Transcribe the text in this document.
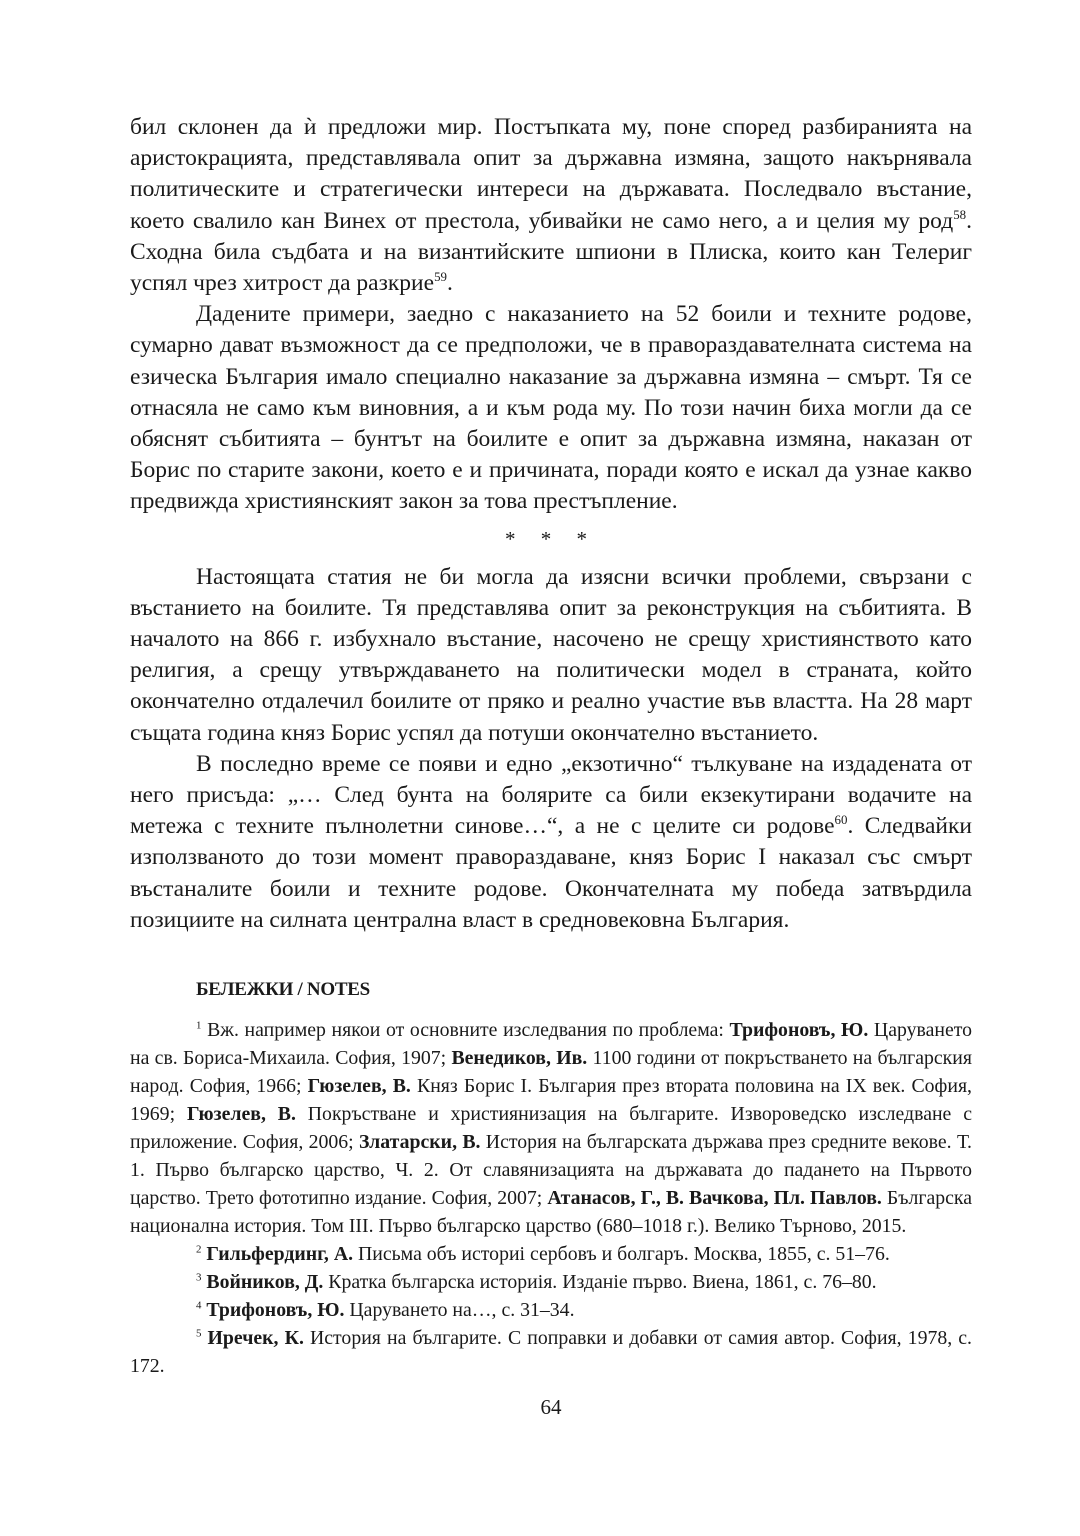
бил склонен да ѝ предложи мир. Постъпката му, поне според разбиранията на аристокрацията, представлявала опит за държавна измяна, защото накърнявала политическите и стратегически интереси на държавата. Последвало въстание, което свалило кан Винех от престола, убивайки не само него, а и целия му род$^{58}$. Сходна била съдбата и на византийските шпиони в Плиска, които кан Телериг успял чрез хитрост да разкрие$^{59}$.

Дадените примери, заедно с наказанието на 52 боили и техните родове, сумарно дават възможност да се предположи, че в правораздавателната система на езическа България имало специално наказание за държавна измяна – смърт. Тя се отнасяла не само към виновния, а и към рода му. По този начин биха могли да се обяснят събитията – бунтът на боилите е опит за държавна измяна, наказан от Борис по старите закони, което е и причината, поради която е искал да узнае какво предвижда християнският закон за това престъпление.

* * *

Настоящата статия не би могла да изясни всички проблеми, свързани с въстанието на боилите. Тя представлява опит за реконструкция на събитията. В началото на 866 г. избухнало въстание, насочено не срещу християнството като религия, а срещу утвърждаването на политически модел в страната, който окончателно отдалечил боилите от пряко и реално участие във властта. На 28 март същата година княз Борис успял да потуши окончателно въстанието.

В последно време се появи и едно „екзотично“ тълкуване на издадената от него присъда: „… След бунта на болярите са били екзекутирани водачите на метежа с техните пълнолетни синове…“, а не с целите си родове$^{60}$. Следвайки използваното до този момент правораздаване, княз Борис I наказал със смърт въстаналите боили и техните родове. Окончателната му победа затвърдила позициите на силната централна власт в средновековна България.

БЕЛЕЖКИ / NOTES

$^1$ Вж. например някои от основните изследвания по проблема: Трифоновъ, Ю. Царуването на св. Бориса-Михаила. София, 1907; Венедиков, Ив. 1100 години от покръстването на българския народ. София, 1966; Гюзелев, В. Княз Борис I. България през втората половина на IX век. София, 1969; Гюзелев, В. Покръстване и християнизация на българите. Извороведско изследване с приложение. София, 2006; Златарски, В. История на българската държава през средните векове. Т. 1. Първо българско царство, Ч. 2. От славянизацията на държавата до падането на Първото царство. Трето фототипно издание. София, 2007; Атанасов, Г., В. Вачкова, Пл. Павлов. Българска национална история. Том III. Първо българско царство (680–1018 г.). Велико Търново, 2015.

$^2$ Гильфердинг, А. Письма объ историі сербовъ и болгаръ. Москва, 1855, с. 51–76.

$^3$ Войников, Д. Кратка българска историія. Изданіе първо. Виена, 1861, с. 76–80.

$^4$ Трифоновъ, Ю. Царуването на…, с. 31–34.

$^5$ Иречек, К. История на българите. С поправки и добавки от самия автор. София, 1978, с. 172.

64
